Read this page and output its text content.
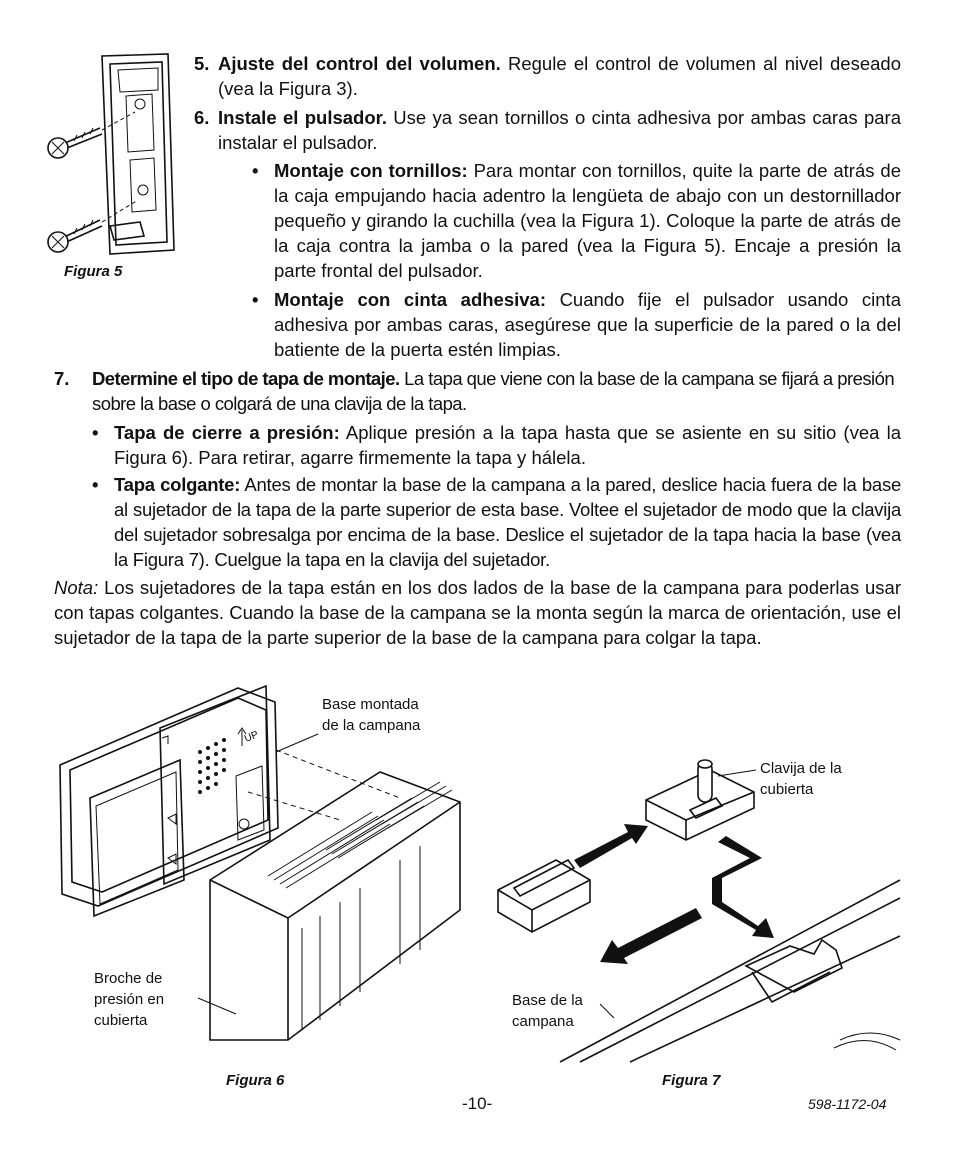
Figura 5
5. Ajuste del control del volumen. Regule el control de volumen al nivel deseado (vea la Figura 3).
6. Instale el pulsador. Use ya sean tornillos o cinta adhesiva por ambas caras para instalar el pulsador.
• Montaje con tornillos: Para montar con tornillos, quite la parte de atrás de la caja empujando hacia adentro la lengüeta de abajo con un destornillador pequeño y girando la cuchilla (vea la Figura 1). Coloque la parte de atrás de la caja contra la jamba o la pared (vea la Figura 5). Encaje a presión la parte frontal del pulsador.
• Montaje con cinta adhesiva: Cuando fije el pulsador usando cinta adhesiva por ambas caras, asegúrese que la superficie de la pared o la del batiente de la puerta estén limpias.
7. Determine el tipo de tapa de montaje. La tapa que viene con la base de la campana se fijará a presión sobre la base o colgará de una clavija de la tapa.
• Tapa de cierre a presión: Aplique presión a la tapa hasta que se asiente en su sitio (vea la Figura 6). Para retirar, agarre firmemente la tapa y hálela.
• Tapa colgante: Antes de montar la base de la campana a la pared, deslice hacia fuera de la base al sujetador de la tapa de la parte superior de esta base. Voltee el sujetador de modo que la clavija del sujetador sobresalga por encima de la base. Deslice el sujetador de la tapa hacia la base (vea la Figura 7). Cuelgue la tapa en la clavija del sujetador.
Nota: Los sujetadores de la tapa están en los dos lados de la base de la campana para poderlas usar con tapas colgantes. Cuando la base de la campana se la monta según la marca de orientación, use el sujetador de la tapa de la parte superior de la base de la campana para colgar la tapa.
UP
Base montada
de la campana
Broche de
presión en
cubierta
Figura 6
Clavija de la
cubierta
Base de la
campana
Figura 7
-10-	598-1172-04
